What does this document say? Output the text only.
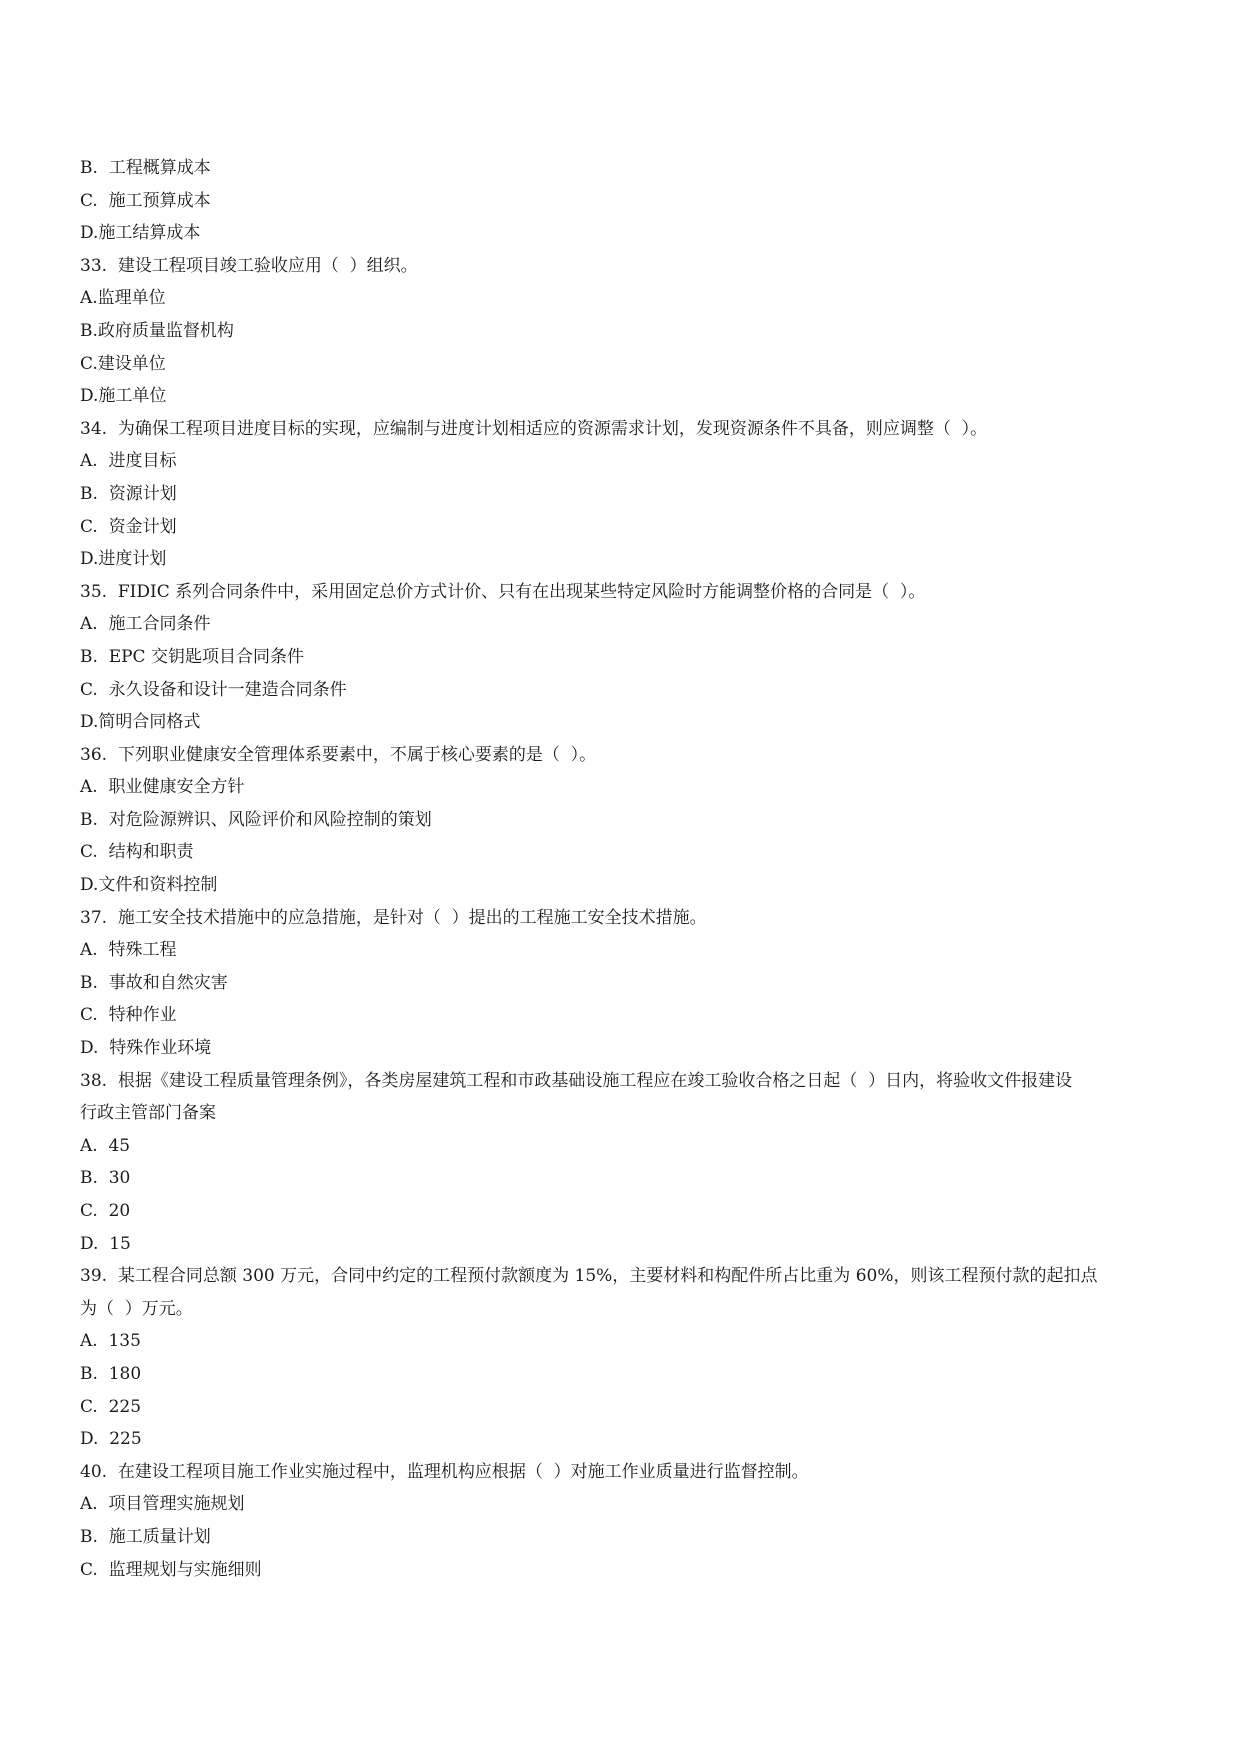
B.  工程概算成本

C.  施工预算成本

D.施工结算成本

33.  建设工程项目竣工验收应用（  ）组织。

A.监理单位

B.政府质量监督机构

C.建设单位

D.施工单位

34.  为确保工程项目进度目标的实现，应编制与进度计划相适应的资源需求计划，发现资源条件不具备，则应调整（  ）。

A.  进度目标

B.  资源计划

C.  资金计划

D.进度计划

35.  FIDIC 系列合同条件中，采用固定总价方式计价、只有在出现某些特定风险时方能调整价格的合同是（  ）。

A.  施工合同条件

B.  EPC 交钥匙项目合同条件

C.  永久设备和设计一建造合同条件

D.简明合同格式

36.  下列职业健康安全管理体系要素中，不属于核心要素的是（  ）。

A.  职业健康安全方针

B.  对危险源辨识、风险评价和风险控制的策划

C.  结构和职责

D.文件和资料控制

37.  施工安全技术措施中的应急措施，是针对（  ）提出的工程施工安全技术措施。

A.  特殊工程

B.  事故和自然灾害

C.  特种作业

D.  特殊作业环境

38.  根据《建设工程质量管理条例》，各类房屋建筑工程和市政基础设施工程应在竣工验收合格之日起（  ）日内，将验收文件报建设

行政主管部门备案

A.  45

B.  30

C.  20

D.  15

39.  某工程合同总额 300 万元，合同中约定的工程预付款额度为 15%，主要材料和构配件所占比重为 60%，则该工程预付款的起扣点

为（  ）万元。

A.  135

B.  180

C.  225

D.  225

40.  在建设工程项目施工作业实施过程中，监理机构应根据（  ）对施工作业质量进行监督控制。

A.  项目管理实施规划

B.  施工质量计划

C.  监理规划与实施细则
